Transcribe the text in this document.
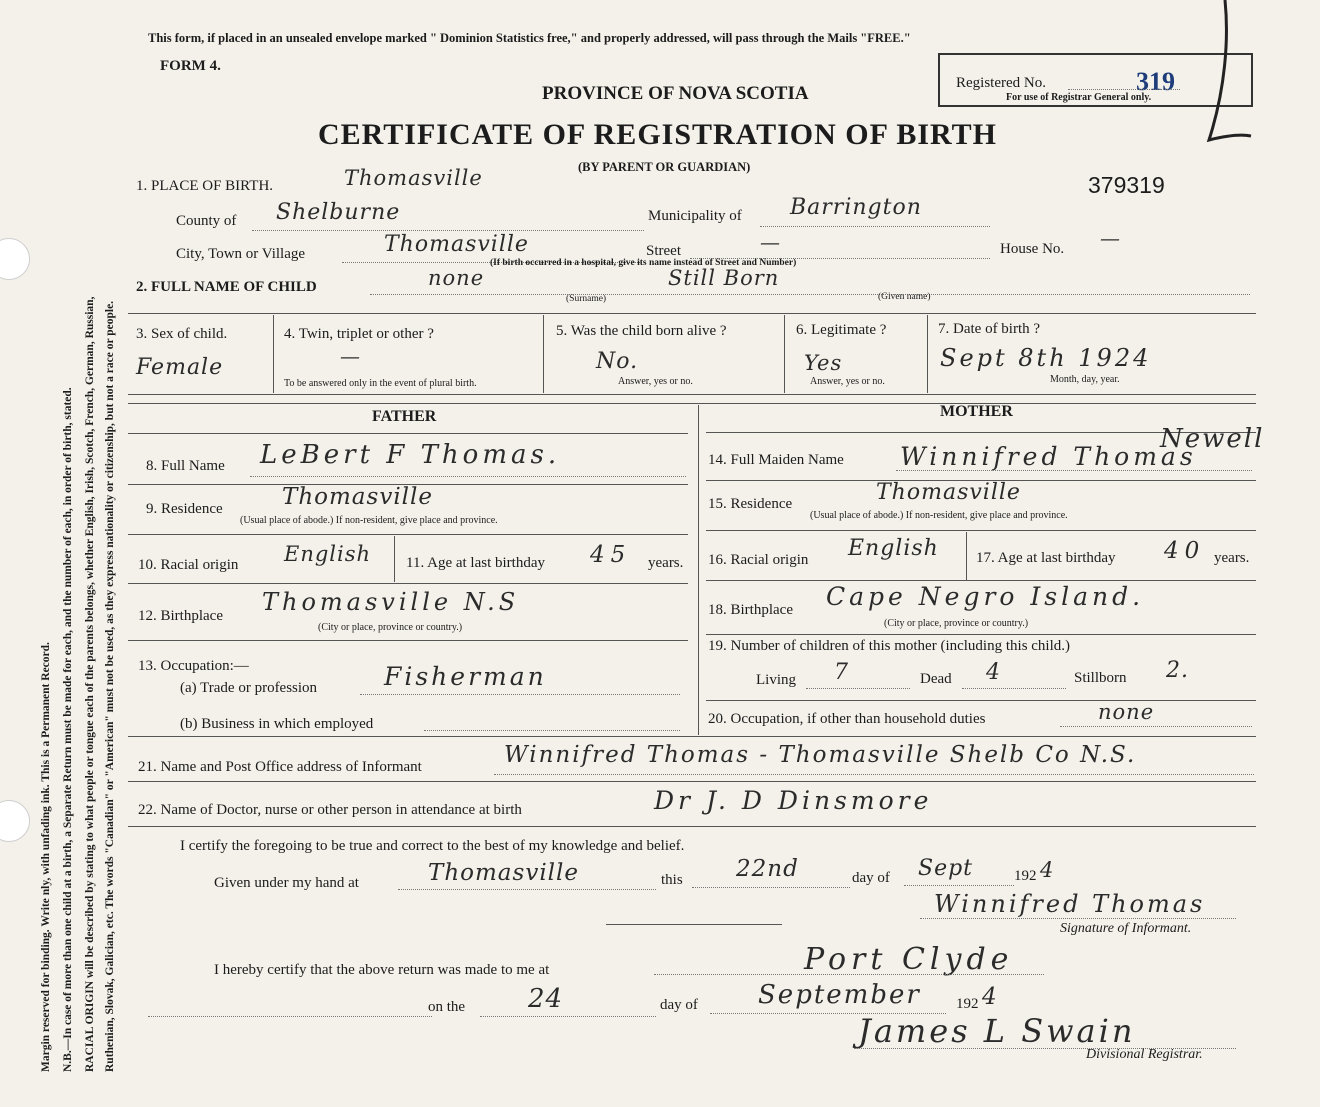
Margin reserved for binding. Write nly, with unfading ink. This is a Permanent Record. N.B.—In case of more than one child at a birth, a Separate Return must be made for each, and the number of each, in order of birth, stated. RACIAL ORIGIN will be described by stating to what people or tongue each of the parents belongs, whether English, Irish, Scotch, French, German, Russian, Ruthenian, Slovak, Galician, etc. The words "Canadian" or "American" must not be used, as they express nationality or citizenship, but not a race or people.
This form, if placed in an unsealed envelope marked " Dominion Statistics free," and properly addressed, will pass through the Mails "FREE."
FORM 4.
PROVINCE OF NOVA SCOTIA
CERTIFICATE OF REGISTRATION OF BIRTH
(BY PARENT OR GUARDIAN)
Registered No.	319
For use of Registrar General only.
379319
1. PLACE OF BIRTH.	Thomasville
County of Shelburne	Municipality of Barrington
City, Town or Village	Thomasville	Street	—
(If birth occurred in a hospital, give its name instead of Street and Number)
House No. —
2. FULL NAME OF CHILD	none	Still Born
(Surname)	(Given name)
3. Sex of child.
Female
4. Twin, triplet or other ?
—
To be answered only in the event of plural birth.
5. Was the child born alive ?
No.
Answer, yes or no.
6. Legitimate ?
Yes
Answer, yes or no.
7. Date of birth ?
Sept 8th 1924
Month, day, year.
FATHER	MOTHER
8. Full Name LeBert F Thomas.
9. Residence	Thomasville
(Usual place of abode.) If non-resident, give place and province.
10. Racial origin English 11. Age at last birthday 45 years.
12. Birthplace Thomasville N.S
(City or place, province or country.)
13. Occupation:—
(a) Trade or profession	Fisherman
(b) Business in which employed
14. Full Maiden Name
Newell
Winnifred Thomas
15. Residence	Thomasville
(Usual place of abode.) If non-resident, give place and province.
16. Racial origin English 17. Age at last birthday 40 years.
18. Birthplace Cape Negro Island.
(City or place, province or country.)
19. Number of children of this mother (including this child.)
Living 7	Dead 4	Stillborn 2.
20. Occupation, if other than household duties	none
21. Name and Post Office address of Informant	Winnifred Thomas - Thomasville Shelb Co N.S.
22. Name of Doctor, nurse or other person in attendance at birth	Dr J. D Dinsmore
I certify the foregoing to be true and correct to the best of my knowledge and belief.
Given under my hand at	Thomasville	this 22nd	day of Sept	192 4
Winnifred Thomas
Signature of Informant.
I hereby certify that the above return was made to me at	Port Clyde
on the 24	day of September 192 4
James L Swain
Divisional Registrar.
